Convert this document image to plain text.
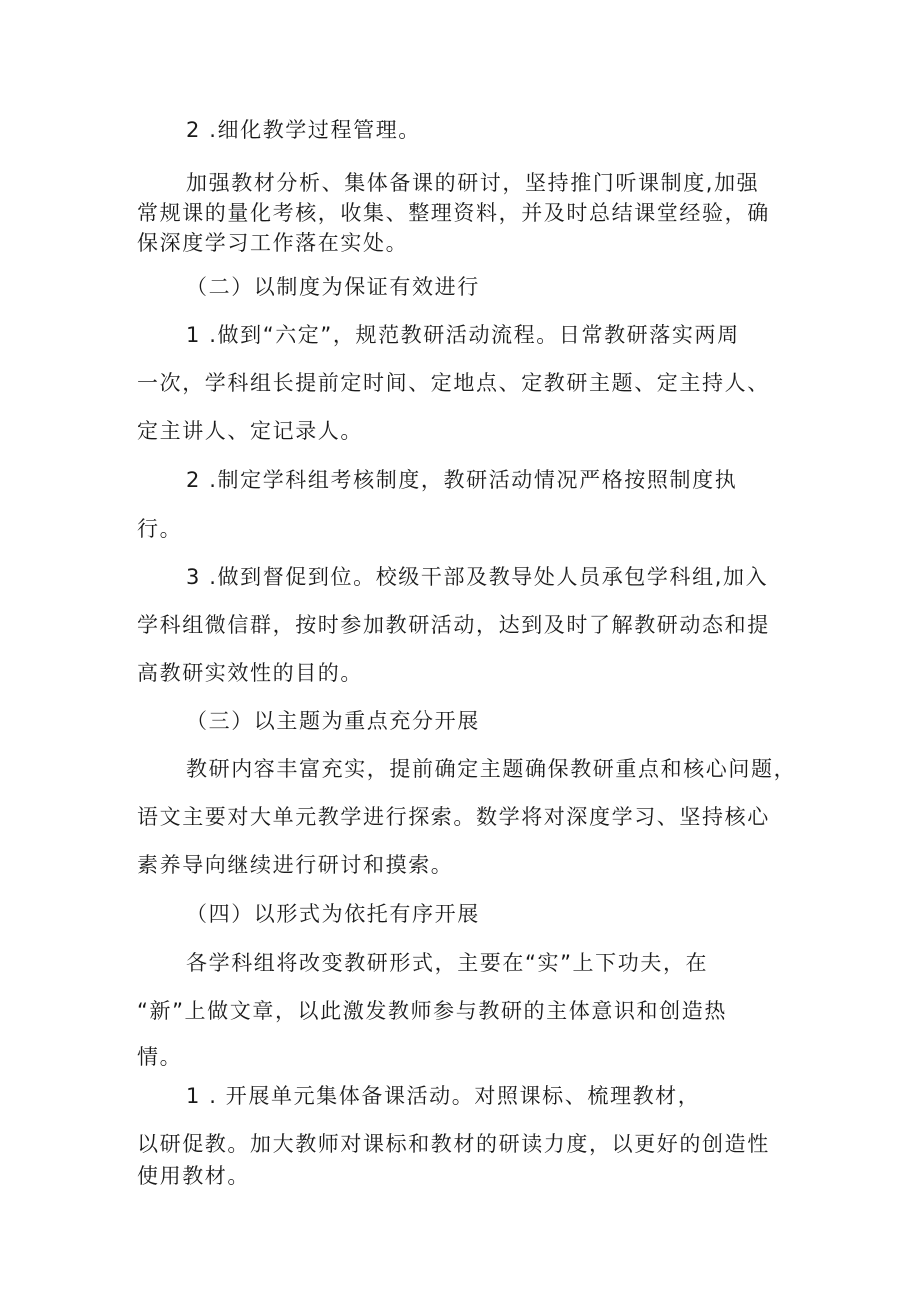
2 .细化教学过程管理。
加强教材分析、集体备课的研讨，坚持推门听课制度,加强
常规课的量化考核，收集、整理资料，并及时总结课堂经验，确
保深度学习工作落在实处。
（二）以制度为保证有效进行
1 .做到“六定”，规范教研活动流程。日常教研落实两周
一次，学科组长提前定时间、定地点、定教研主题、定主持人、
定主讲人、定记录人。
2 .制定学科组考核制度，教研活动情况严格按照制度执
行。
3 .做到督促到位。校级干部及教导处人员承包学科组,加入
学科组微信群，按时参加教研活动，达到及时了解教研动态和提
高教研实效性的目的。
（三）以主题为重点充分开展
教研内容丰富充实，提前确定主题确保教研重点和核心问题，
语文主要对大单元教学进行探索。数学将对深度学习、坚持核心
素养导向继续进行研讨和摸索。
（四）以形式为依托有序开展
各学科组将改变教研形式，主要在“实”上下功夫，在
“新”上做文章，以此激发教师参与教研的主体意识和创造热
情。
1 . 开展单元集体备课活动。对照课标、梳理教材，
以研促教。加大教师对课标和教材的研读力度，以更好的创造性
使用教材。
